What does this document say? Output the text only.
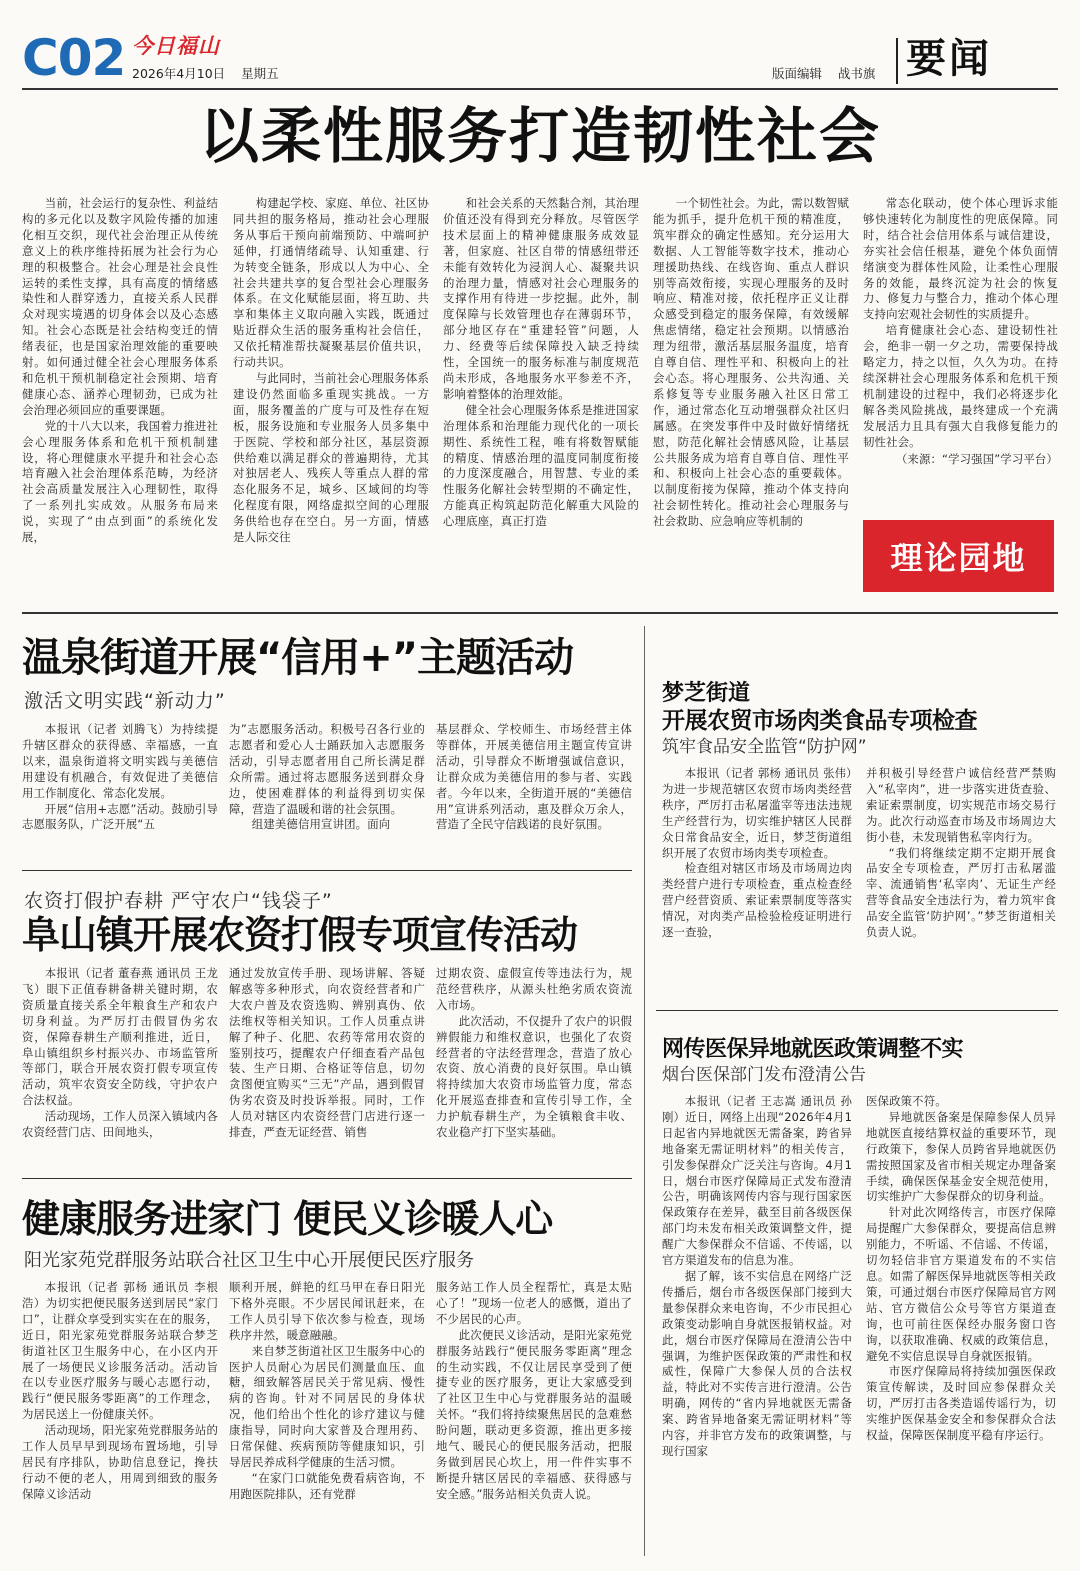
C02 今日福山
2026年4月10日 星期五	版面编辑 战书旗 要闻
以柔性服务打造韧性社会

当前，社会运行的复杂性、利益结构的多元化以及数字风险传播的加速化相互交织，现代社会治理正从传统意义上的秩序维持拓展为社会行为心理的积极整合。社会心理是社会良性运转的柔性支撑，具有高度的情绪感染性和人群穿透力，直接关系人民群众对现实境遇的切身体会以及心态感知。社会心态既是社会结构变迁的情绪表征，也是国家治理效能的重要映射。如何通过健全社会心理服务体系和危机干预机制稳定社会预期、培育健康心态、涵养心理韧劲，已成为社会治理必须回应的重要课题。

党的十八大以来，我国着力推进社会心理服务体系和危机干预机制建设，将心理健康水平提升和社会心态培育融入社会治理体系范畴，为经济社会高质量发展注入心理韧性，取得了一系列扎实成效。从服务布局来说，实现了“由点到面”的系统化发展，

构建起学校、家庭、单位、社区协同共担的服务格局，推动社会心理服务从事后干预向前端预防、中端呵护延伸，打通情绪疏导、认知重建、行为转变全链条，形成以人为中心、全社会共建共享的复合型社会心理服务体系。在文化赋能层面，将互助、共享和集体主义取向融入实践，既通过贴近群众生活的服务重构社会信任，又依托精准帮扶凝聚基层价值共识，行动共识。

与此同时，当前社会心理服务体系建设仍然面临多重现实挑战。一方面，服务覆盖的广度与可及性存在短板，服务设施和专业服务人员多集中于医院、学校和部分社区，基层资源供给难以满足群众的普遍期待，尤其对独居老人、残疾人等重点人群的常态化服务不足，城乡、区域间的均等化程度有限，网络虚拟空间的心理服务供给也存在空白。另一方面，情感是人际交往

和社会关系的天然黏合剂，其治理价值还没有得到充分释放。尽管医学技术层面上的精神健康服务成效显著，但家庭、社区自带的情感纽带还未能有效转化为浸润人心、凝聚共识的治理力量，情感对社会心理服务的支撑作用有待进一步挖掘。此外，制度保障与长效管理也存在薄弱环节，部分地区存在“重建轻管”问题，人力、经费等后续保障投入缺乏持续性，全国统一的服务标准与制度规范尚未形成，各地服务水平参差不齐，影响着整体的治理效能。

健全社会心理服务体系是推进国家治理体系和治理能力现代化的一项长期性、系统性工程，唯有将数智赋能的精度、情感治理的温度同制度衔接的力度深度融合，用智慧、专业的柔性服务化解社会转型期的不确定性，方能真正构筑起防范化解重大风险的心理底座，真正打造

一个韧性社会。为此，需以数智赋能为抓手，提升危机干预的精准度，筑牢群众的确定性感知。充分运用大数据、人工智能等数字技术，推动心理援助热线、在线咨询、重点人群识别等高效衔接，实现心理服务的及时响应、精准对接，依托程序正义让群众感受到稳定的服务保障，有效缓解焦虑情绪，稳定社会预期。以情感治理为纽带，激活基层服务温度，培育自尊自信、理性平和、积极向上的社会心态。将心理服务、公共沟通、关系修复等专业服务融入社区日常工作，通过常态化互动增强群众社区归属感。在突发事件中及时做好情绪抚慰，防范化解社会情感风险，让基层公共服务成为培育自尊自信、理性平和、积极向上社会心态的重要载体。以制度衔接为保障，推动个体支持向社会韧性转化。推动社会心理服务与社会救助、应急响应等机制的

常态化联动，使个体心理诉求能够快速转化为制度性的兜底保障。同时，结合社会信用体系与诚信建设，夯实社会信任根基，避免个体负面情绪演变为群体性风险，让柔性心理服务的效能，最终沉淀为社会的恢复力、修复力与整合力，推动个体心理支持向宏观社会韧性的实质提升。

培育健康社会心态、建设韧性社会，绝非一朝一夕之功，需要保持战略定力，持之以恒，久久为功。在持续深耕社会心理服务体系和危机干预机制建设的过程中，我们必将逐步化解各类风险挑战，最终建成一个充满发展活力且具有强大自我修复能力的韧性社会。

（来源：“学习强国”学习平台）

理论园地
温泉街道开展“信用+”主题活动
激活文明实践“新动力”

本报讯（记者 刘腾飞）为持续提升辖区群众的获得感、幸福感，一直以来，温泉街道将文明实践与美德信用建设有机融合，有效促进了美德信用工作制度化、常态化发展。

开展“信用+志愿”活动。鼓励引导志愿服务队，广泛开展“五

为”志愿服务活动。积极号召各行业的志愿者和爱心人士踊跃加入志愿服务活动，引导志愿者用自己所长满足群众所需。通过将志愿服务送到群众身边，使困难群体的利益得到切实保障，营造了温暖和谐的社会氛围。

组建美德信用宣讲团。面向

基层群众、学校师生、市场经营主体等群体，开展美德信用主题宣传宣讲活动，引导群众不断增强诚信意识，让群众成为美德信用的参与者、实践者。今年以来，全街道开展的“美德信用”宣讲系列活动，惠及群众万余人，营造了全民守信践诺的良好氛围。

农资打假护春耕 严守农户“钱袋子”
阜山镇开展农资打假专项宣传活动

本报讯（记者 董春燕 通讯员 王龙飞）眼下正值春耕备耕关键时期，农资质量直接关系全年粮食生产和农户切身利益。为严厉打击假冒伪劣农资，保障春耕生产顺利推进，近日，阜山镇组织乡村振兴办、市场监管所等部门，联合开展农资打假专项宣传活动，筑牢农资安全防线，守护农户合法权益。

活动现场，工作人员深入镇域内各农资经营门店、田间地头，

通过发放宣传手册、现场讲解、答疑解惑等多种形式，向农资经营者和广大农户普及农资选购、辨别真伪、依法维权等相关知识。工作人员重点讲解了种子、化肥、农药等常用农资的鉴别技巧，提醒农户仔细查看产品包装、生产日期、合格证等信息，切勿贪图便宜购买“三无”产品，遇到假冒伪劣农资及时投诉举报。同时，工作人员对辖区内农资经营门店进行逐一排查，严查无证经营、销售

过期农资、虚假宣传等违法行为，规范经营秩序，从源头杜绝劣质农资流入市场。

此次活动，不仅提升了农户的识假辨假能力和维权意识，也强化了农资经营者的守法经营理念，营造了放心农资、放心消费的良好氛围。阜山镇将持续加大农资市场监管力度，常态化开展巡查排查和宣传引导工作，全力护航春耕生产，为全镇粮食丰收、农业稳产打下坚实基础。

健康服务进家门 便民义诊暖人心
阳光家苑党群服务站联合社区卫生中心开展便民医疗服务

本报讯（记者 郭杨 通讯员 李根浩）为切实把便民服务送到居民“家门口”，让群众享受到实实在在的服务，近日，阳光家苑党群服务站联合梦芝街道社区卫生服务中心，在小区内开展了一场便民义诊服务活动。活动旨在以专业医疗服务与暖心志愿行动，践行“便民服务零距离”的工作理念，为居民送上一份健康关怀。

活动现场，阳光家苑党群服务站的工作人员早早到现场布置场地，引导居民有序排队，协助信息登记，搀扶行动不便的老人，用周到细致的服务保障义诊活动

顺利开展，鲜艳的红马甲在春日阳光下格外亮眼。不少居民闻讯赶来，在工作人员引导下依次参与检查，现场秩序井然，暖意融融。

来自梦芝街道社区卫生服务中心的医护人员耐心为居民们测量血压、血糖，细致解答居民关于常见病、慢性病的咨询。针对不同居民的身体状况，他们给出个性化的诊疗建议与健康指导，同时向大家普及合理用药、日常保健、疾病预防等健康知识，引导居民养成科学健康的生活习惯。

“在家门口就能免费看病咨询，不用跑医院排队，还有党群

服务站工作人员全程帮忙，真是太贴心了！”现场一位老人的感慨，道出了不少居民的心声。

此次便民义诊活动，是阳光家苑党群服务站践行“便民服务零距离”理念的生动实践，不仅让居民享受到了便捷专业的医疗服务，更让大家感受到了社区卫生中心与党群服务站的温暖关怀。“我们将持续聚焦居民的急难愁盼问题，联动更多资源，推出更多接地气、暖民心的便民服务活动，把服务做到居民心坎上，用一件件实事不断提升辖区居民的幸福感、获得感与安全感。”服务站相关负责人说。

梦芝街道
开展农贸市场肉类食品专项检查
筑牢食品安全监管“防护网”

本报讯（记者 郭杨 通讯员 张伟）为进一步规范辖区农贸市场肉类经营秩序，严厉打击私屠滥宰等违法违规生产经营行为，切实维护辖区人民群众日常食品安全，近日，梦芝街道组织开展了农贸市场肉类专项检查。

检查组对辖区市场及市场周边肉类经营户进行专项检查，重点检查经营户经营资质、索证索票制度等落实情况，对肉类产品检验检疫证明进行逐一查验，

并积极引导经营户诚信经营严禁购入“私宰肉”，进一步落实进货查验、索证索票制度，切实规范市场交易行为。此次行动巡查市场及市场周边大街小巷，未发现销售私宰肉行为。

“我们将继续定期不定期开展食品安全专项检查，严厉打击私屠滥宰、流通销售‘私宰肉’、无证生产经营等食品安全违法行为，着力筑牢食品安全监管‘防护网’。”梦芝街道相关负责人说。

网传医保异地就医政策调整不实
烟台医保部门发布澄清公告

本报讯（记者 王志嵩 通讯员 孙刚）近日，网络上出现“2026年4月1日起省内异地就医无需备案，跨省异地备案无需证明材料”的相关传言，引发参保群众广泛关注与咨询。4月1日，烟台市医疗保障局正式发布澄清公告，明确该网传内容与现行国家医保政策存在差异，截至目前各级医保部门均未发布相关政策调整文件，提醒广大参保群众不信谣、不传谣，以官方渠道发布的信息为准。

据了解，该不实信息在网络广泛传播后，烟台市各级医保部门接到大量参保群众来电咨询，不少市民担心政策变动影响自身就医报销权益。对此，烟台市医疗保障局在澄清公告中强调，为维护医保政策的严肃性和权威性，保障广大参保人员的合法权益，特此对不实传言进行澄清。公告明确，网传的“省内异地就医无需备案、跨省异地备案无需证明材料”等内容，并非官方发布的政策调整，与现行国家

医保政策不符。

异地就医备案是保障参保人员异地就医直接结算权益的重要环节，现行政策下，参保人员跨省异地就医仍需按照国家及省市相关规定办理备案手续，确保医保基金安全规范使用，切实维护广大参保群众的切身利益。

针对此次网络传言，市医疗保障局提醒广大参保群众，要提高信息辨别能力，不听谣、不信谣、不传谣，切勿轻信非官方渠道发布的不实信息。如需了解医保异地就医等相关政策，可通过烟台市医疗保障局官方网站、官方微信公众号等官方渠道查询，也可前往医保经办服务窗口咨询，以获取准确、权威的政策信息，避免不实信息误导自身就医报销。

市医疗保障局将持续加强医保政策宣传解读，及时回应参保群众关切，严厉打击各类造谣传谣行为，切实维护医保基金安全和参保群众合法权益，保障医保制度平稳有序运行。
